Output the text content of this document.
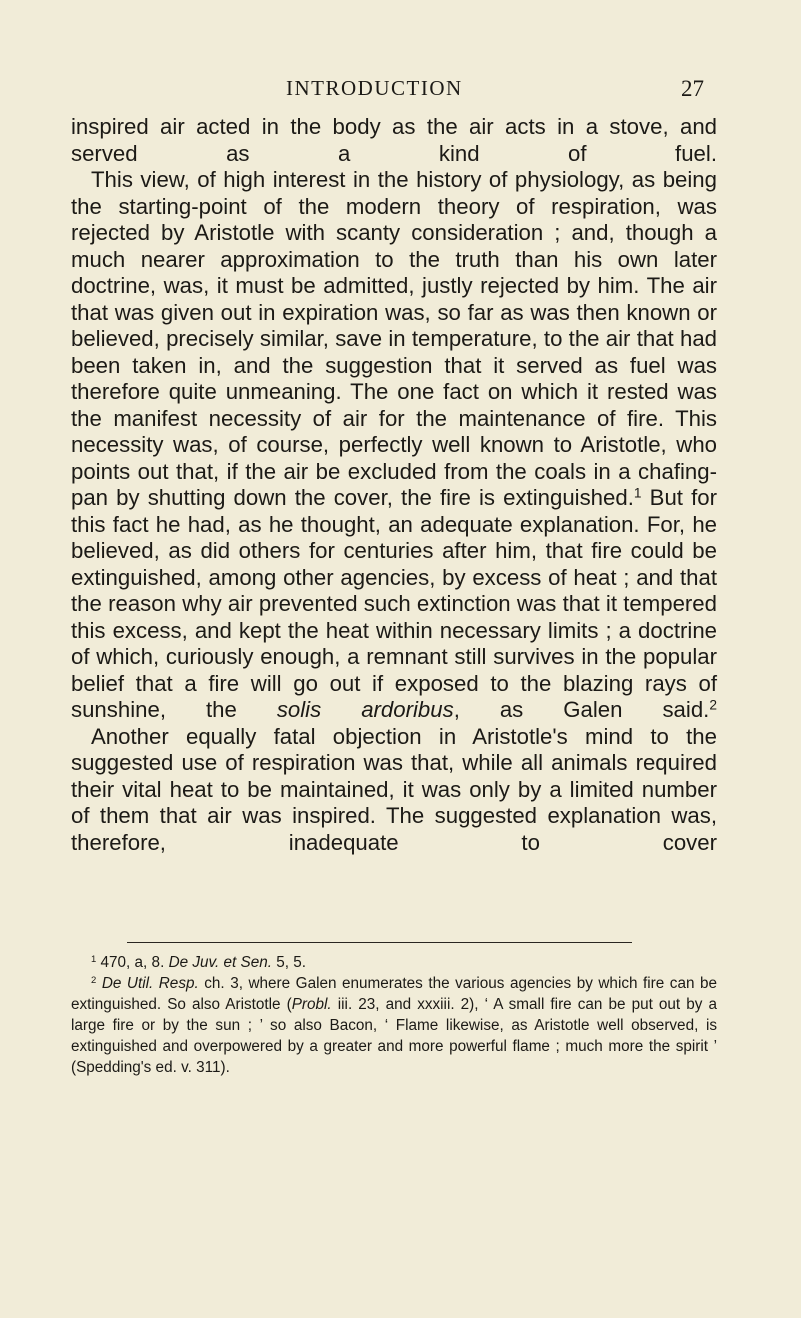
INTRODUCTION	27

inspired air acted in the body as the air acts in a stove, and served as a kind of fuel.

This view, of high interest in the history of physiology, as being the starting-point of the modern theory of respiration, was rejected by Aristotle with scanty consideration ; and, though a much nearer approximation to the truth than his own later doctrine, was, it must be admitted, justly rejected by him. The air that was given out in expiration was, so far as was then known or believed, precisely similar, save in temperature, to the air that had been taken in, and the suggestion that it served as fuel was therefore quite unmeaning. The one fact on which it rested was the manifest necessity of air for the maintenance of fire. This necessity was, of course, perfectly well known to Aristotle, who points out that, if the air be excluded from the coals in a chafing-pan by shutting down the cover, the fire is extinguished.$^1$ But for this fact he had, as he thought, an adequate explanation. For, he believed, as did others for centuries after him, that fire could be extinguished, among other agencies, by excess of heat ; and that the reason why air prevented such extinction was that it tempered this excess, and kept the heat within necessary limits ; a doctrine of which, curiously enough, a remnant still survives in the popular belief that a fire will go out if exposed to the blazing rays of sunshine, the solis ardoribus, as Galen said.$^2$

Another equally fatal objection in Aristotle's mind to the suggested use of respiration was that, while all animals required their vital heat to be maintained, it was only by a limited number of them that air was inspired. The suggested explanation was, therefore, inadequate to cover

$^1$ 470, a, 8. De Juv. et Sen. 5, 5.

$^2$ De Util. Resp. ch. 3, where Galen enumerates the various agencies by which fire can be extinguished. So also Aristotle (Probl. iii. 23, and xxxiii. 2), ‘ A small fire can be put out by a large fire or by the sun ; ’ so also Bacon, ‘ Flame likewise, as Aristotle well observed, is extinguished and overpowered by a greater and more powerful flame ; much more the spirit ’ (Spedding's ed. v. 311).
